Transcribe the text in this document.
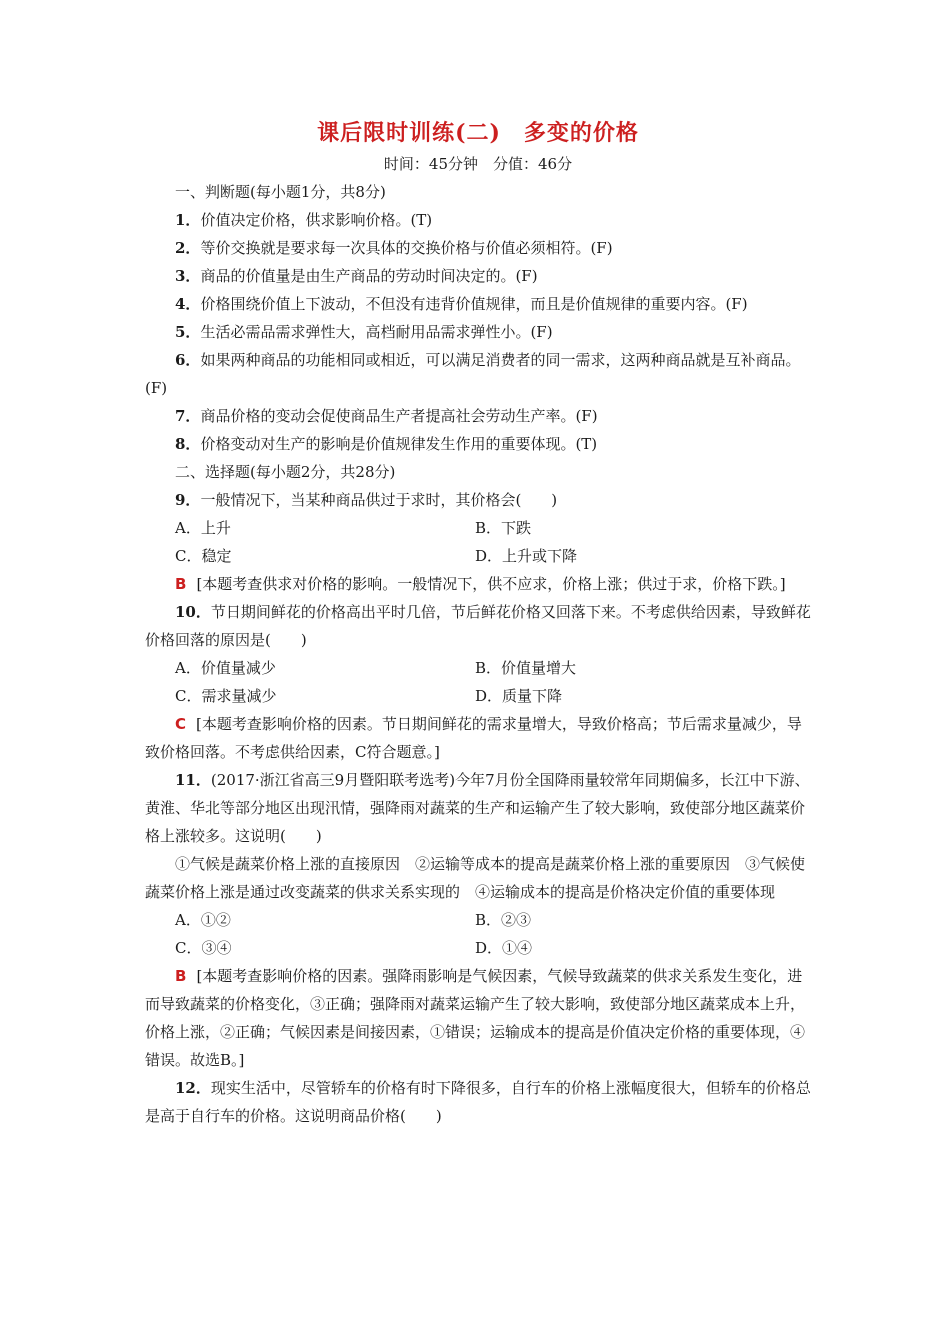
课后限时训练(二)　多变的价格
时间：45分钟　分值：46分
一、判断题(每小题1分，共8分)
1．价值决定价格，供求影响价格。(T)
2．等价交换就是要求每一次具体的交换价格与价值必须相符。(F)
3．商品的价值量是由生产商品的劳动时间决定的。(F)
4．价格围绕价值上下波动，不但没有违背价值规律，而且是价值规律的重要内容。(F)
5．生活必需品需求弹性大，高档耐用品需求弹性小。(F)
6．如果两种商品的功能相同或相近，可以满足消费者的同一需求，这两种商品就是互补商品。(F)
7．商品价格的变动会促使商品生产者提高社会劳动生产率。(F)
8．价格变动对生产的影响是价值规律发生作用的重要体现。(T)
二、选择题(每小题2分，共28分)
9．一般情况下，当某种商品供过于求时，其价格会(　　)
A．上升	B．下跌
C．稳定	D．上升或下降
B [本题考查供求对价格的影响。一般情况下，供不应求，价格上涨；供过于求，价格下跌。]
10．节日期间鲜花的价格高出平时几倍，节后鲜花价格又回落下来。不考虑供给因素，导致鲜花价格回落的原因是(　　)
A．价值量减少	B．价值量增大
C．需求量减少	D．质量下降
C [本题考查影响价格的因素。节日期间鲜花的需求量增大，导致价格高；节后需求量减少，导致价格回落。不考虑供给因素，C符合题意。]
11．(2017·浙江省高三9月暨阳联考选考)今年7月份全国降雨量较常年同期偏多，长江中下游、黄淮、华北等部分地区出现汛情，强降雨对蔬菜的生产和运输产生了较大影响，致使部分地区蔬菜价格上涨较多。这说明(　　)
①气候是蔬菜价格上涨的直接原因　②运输等成本的提高是蔬菜价格上涨的重要原因　③气候使蔬菜价格上涨是通过改变蔬菜的供求关系实现的　④运输成本的提高是价格决定价值的重要体现
A．①②	B．②③
C．③④	D．①④
B [本题考查影响价格的因素。强降雨影响是气候因素，气候导致蔬菜的供求关系发生变化，进而导致蔬菜的价格变化，③正确；强降雨对蔬菜运输产生了较大影响，致使部分地区蔬菜成本上升，价格上涨，②正确；气候因素是间接因素，①错误；运输成本的提高是价值决定价格的重要体现，④错误。故选B。]
12．现实生活中，尽管轿车的价格有时下降很多，自行车的价格上涨幅度很大，但轿车的价格总是高于自行车的价格。这说明商品价格(　　)
